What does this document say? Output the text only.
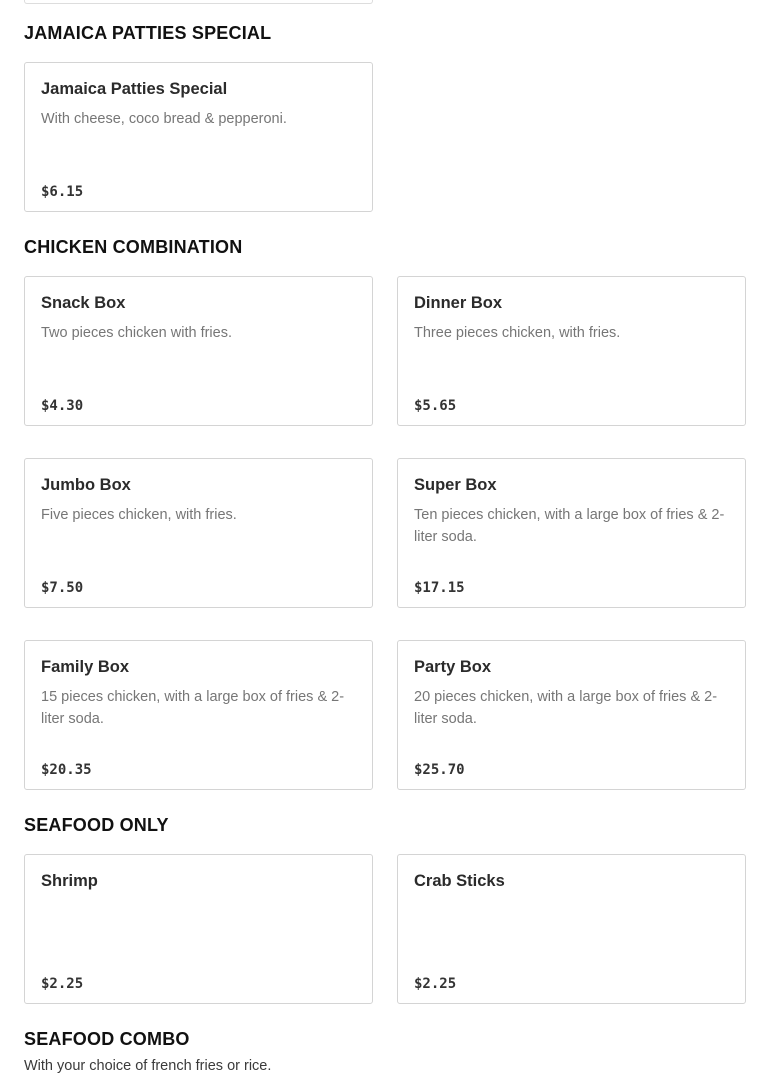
JAMAICA PATTIES SPECIAL

Jamaica Patties Special

With cheese, coco bread & pepperoni.

$6.15

CHICKEN COMBINATION

Snack Box

Two pieces chicken with fries.

$4.30

Dinner Box

Three pieces chicken, with fries.

$5.65

Jumbo Box

Five pieces chicken, with fries.

$7.50

Super Box

Ten pieces chicken, with a large box of fries & 2-liter soda.

$17.15

Family Box

15 pieces chicken, with a large box of fries & 2-liter soda.

$20.35

Party Box

20 pieces chicken, with a large box of fries & 2-liter soda.

$25.70

SEAFOOD ONLY

Shrimp

$2.25

Crab Sticks

$2.25

SEAFOOD COMBO

With your choice of french fries or rice.
